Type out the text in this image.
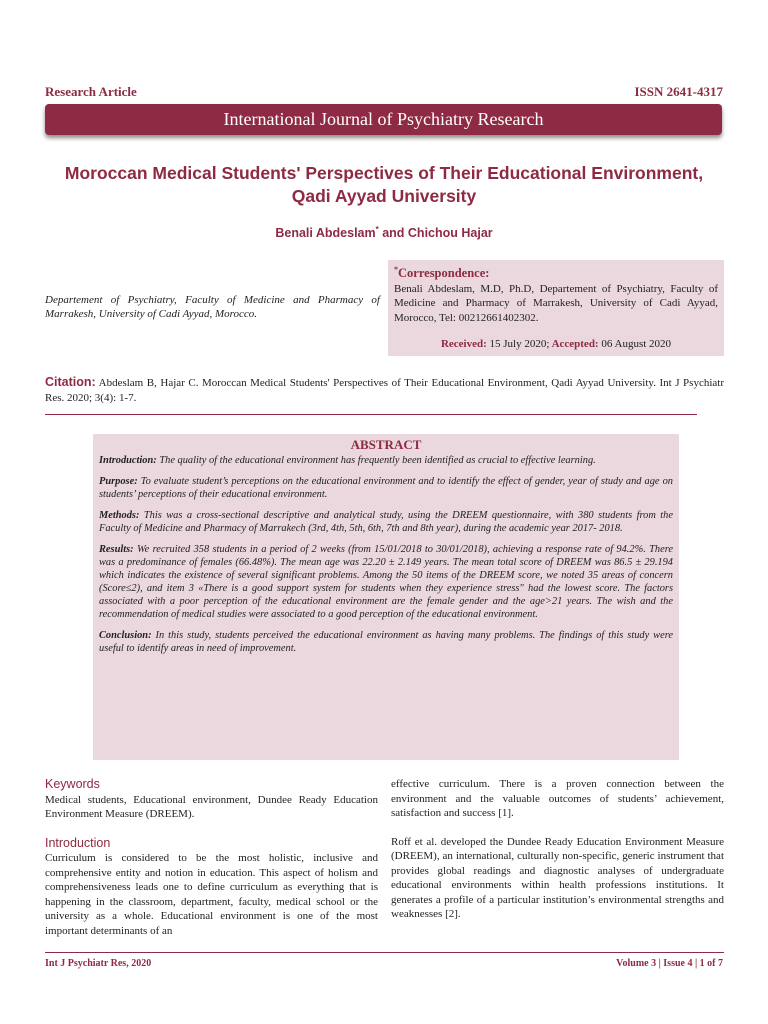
Research Article	ISSN 2641-4317
International Journal of Psychiatry Research
Moroccan Medical Students' Perspectives of Their Educational Environment,
Qadi Ayyad University
Benali Abdeslam* and Chichou Hajar
Departement of Psychiatry, Faculty of Medicine and Pharmacy of Marrakesh, University of Cadi Ayyad, Morocco.
*Correspondence:
Benali Abdeslam, M.D, Ph.D, Departement of Psychiatry, Faculty of Medicine and Pharmacy of Marrakesh, University of Cadi Ayyad, Morocco, Tel: 00212661402302.
Received: 15 July 2020; Accepted: 06 August 2020
Citation: Abdeslam B, Hajar C. Moroccan Medical Students' Perspectives of Their Educational Environment, Qadi Ayyad University. Int J Psychiatr Res. 2020; 3(4): 1-7.
ABSTRACT

Introduction: The quality of the educational environment has frequently been identified as crucial to effective learning.

Purpose: To evaluate student’s perceptions on the educational environment and to identify the effect of gender, year of study and age on students’ perceptions of their educational environment.

Methods: This was a cross-sectional descriptive and analytical study, using the DREEM questionnaire, with 380 students from the Faculty of Medicine and Pharmacy of Marrakech (3rd, 4th, 5th, 6th, 7th and 8th year), during the academic year 2017- 2018.

Results: We recruited 358 students in a period of 2 weeks (from 15/01/2018 to 30/01/2018), achieving a response rate of 94.2%. There was a predominance of females (66.48%). The mean age was 22.20 ± 2.149 years. The mean total score of DREEM was 86.5 ± 29.194 which indicates the existence of several significant problems. Among the 50 items of the DREEM score, we noted 35 areas of concern (Score≤2), and item 3 «There is a good support system for students when they experience stress" had the lowest score. The factors associated with a poor perception of the educational environment are the female gender and the age>21 years. The wish and the recommendation of medical studies were associated to a good perception of the educational environment.

Conclusion: In this study, students perceived the educational environment as having many problems. The findings of this study were useful to identify areas in need of improvement.

Keywords

Medical students, Educational environment, Dundee Ready Education Environment Measure (DREEM).

Introduction

Curriculum is considered to be the most holistic, inclusive and comprehensive entity and notion in education. This aspect of holism and comprehensiveness leads one to define curriculum as everything that is happening in the classroom, department, faculty, medical school or the university as a whole. Educational environment is one of the most important determinants of an

effective curriculum. There is a proven connection between the environment and the valuable outcomes of students’ achievement, satisfaction and success [1].

Roff et al. developed the Dundee Ready Education Environment Measure (DREEM), an international, culturally non-specific, generic instrument that provides global readings and diagnostic analyses of undergraduate educational environments within health professions institutions. It generates a profile of a particular institution’s environmental strengths and weaknesses [2].

Int J Psychiatr Res, 2020	Volume 3 | Issue 4 | 1 of 7
